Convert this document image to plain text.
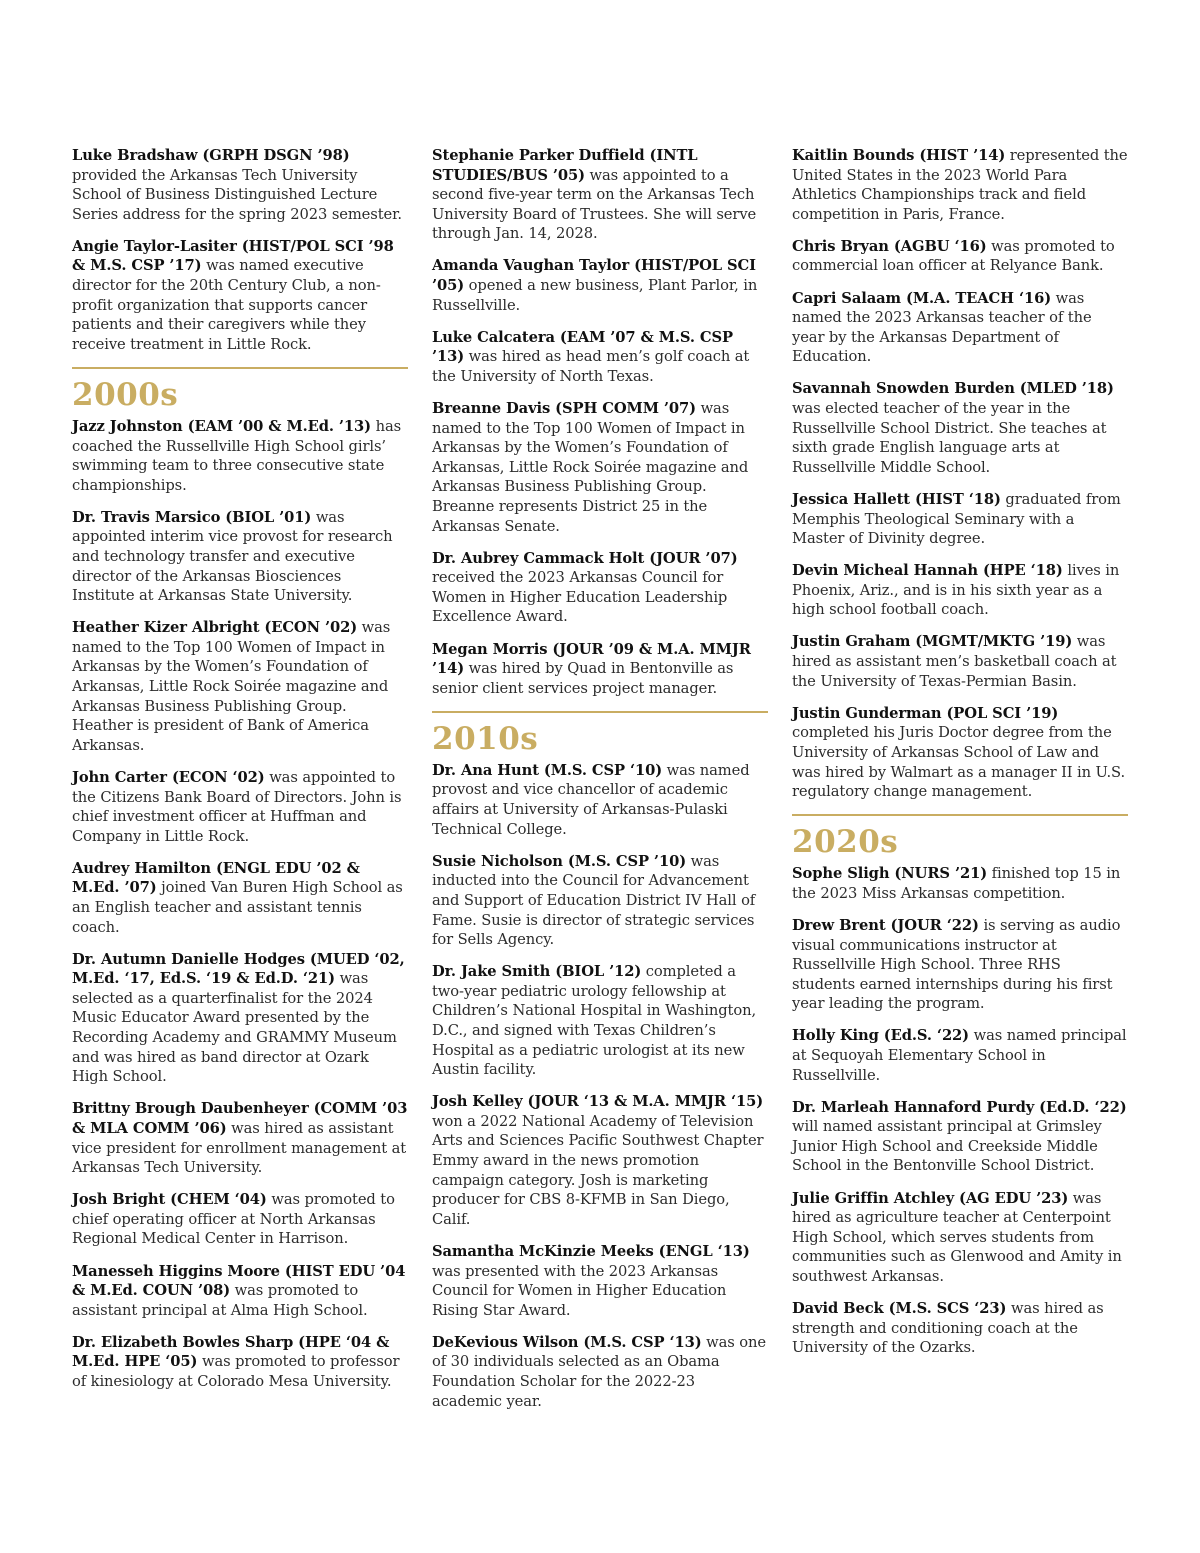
Luke Bradshaw (GRPH DSGN ’98) provided the Arkansas Tech University School of Business Distinguished Lecture Series address for the spring 2023 semester.

Angie Taylor-Lasiter (HIST/POL SCI ’98 & M.S. CSP ’17) was named executive director for the 20th Century Club, a non-profit organization that supports cancer patients and their caregivers while they receive treatment in Little Rock.

2000s

Jazz Johnston (EAM ’00 & M.Ed. ’13) has coached the Russellville High School girls’ swimming team to three consecutive state championships.

Dr. Travis Marsico (BIOL ’01) was appointed interim vice provost for research and technology transfer and executive director of the Arkansas Biosciences Institute at Arkansas State University.

Heather Kizer Albright (ECON ’02) was named to the Top 100 Women of Impact in Arkansas by the Women’s Foundation of Arkansas, Little Rock Soirée magazine and Arkansas Business Publishing Group. Heather is president of Bank of America Arkansas.

John Carter (ECON ‘02) was appointed to the Citizens Bank Board of Directors. John is chief investment officer at Huffman and Company in Little Rock.

Audrey Hamilton (ENGL EDU ’02 & M.Ed. ’07) joined Van Buren High School as an English teacher and assistant tennis coach.

Dr. Autumn Danielle Hodges (MUED ‘02, M.Ed. ‘17, Ed.S. ‘19 & Ed.D. ‘21) was selected as a quarterfinalist for the 2024 Music Educator Award presented by the Recording Academy and GRAMMY Museum and was hired as band director at Ozark High School.

Brittny Brough Daubenheyer (COMM ’03 & MLA COMM ’06) was hired as assistant vice president for enrollment management at Arkansas Tech University.

Josh Bright (CHEM ‘04) was promoted to chief operating officer at North Arkansas Regional Medical Center in Harrison.

Manesseh Higgins Moore (HIST EDU ’04 & M.Ed. COUN ’08) was promoted to assistant principal at Alma High School.

Dr. Elizabeth Bowles Sharp (HPE ‘04 & M.Ed. HPE ‘05) was promoted to professor of kinesiology at Colorado Mesa University.

Stephanie Parker Duffield (INTL STUDIES/BUS ’05) was appointed to a second five-year term on the Arkansas Tech University Board of Trustees. She will serve through Jan. 14, 2028.

Amanda Vaughan Taylor (HIST/POL SCI ’05) opened a new business, Plant Parlor, in Russellville.

Luke Calcatera (EAM ’07 & M.S. CSP ’13) was hired as head men’s golf coach at the University of North Texas.

Breanne Davis (SPH COMM ’07) was named to the Top 100 Women of Impact in Arkansas by the Women’s Foundation of Arkansas, Little Rock Soirée magazine and Arkansas Business Publishing Group. Breanne represents District 25 in the Arkansas Senate.

Dr. Aubrey Cammack Holt (JOUR ’07) received the 2023 Arkansas Council for Women in Higher Education Leadership Excellence Award.

Megan Morris (JOUR ’09 & M.A. MMJR ’14) was hired by Quad in Bentonville as senior client services project manager.

2010s

Dr. Ana Hunt (M.S. CSP ‘10) was named provost and vice chancellor of academic affairs at University of Arkansas-Pulaski Technical College.

Susie Nicholson (M.S. CSP ’10) was inducted into the Council for Advancement and Support of Education District IV Hall of Fame. Susie is director of strategic services for Sells Agency.

Dr. Jake Smith (BIOL ’12) completed a two-year pediatric urology fellowship at Children’s National Hospital in Washington, D.C., and signed with Texas Children’s Hospital as a pediatric urologist at its new Austin facility.

Josh Kelley (JOUR ‘13 & M.A. MMJR ‘15) won a 2022 National Academy of Television Arts and Sciences Pacific Southwest Chapter Emmy award in the news promotion campaign category. Josh is marketing producer for CBS 8-KFMB in San Diego, Calif.

Samantha McKinzie Meeks (ENGL ‘13) was presented with the 2023 Arkansas Council for Women in Higher Education Rising Star Award.

DeKevious Wilson (M.S. CSP ‘13) was one of 30 individuals selected as an Obama Foundation Scholar for the 2022-23 academic year.

Kaitlin Bounds (HIST ’14) represented the United States in the 2023 World Para Athletics Championships track and field competition in Paris, France.

Chris Bryan (AGBU ‘16) was promoted to commercial loan officer at Relyance Bank.

Capri Salaam (M.A. TEACH ‘16) was named the 2023 Arkansas teacher of the year by the Arkansas Department of Education.

Savannah Snowden Burden (MLED ’18) was elected teacher of the year in the Russellville School District. She teaches at sixth grade English language arts at Russellville Middle School.

Jessica Hallett (HIST ‘18) graduated from Memphis Theological Seminary with a Master of Divinity degree.

Devin Micheal Hannah (HPE ‘18) lives in Phoenix, Ariz., and is in his sixth year as a high school football coach.

Justin Graham (MGMT/MKTG ’19) was hired as assistant men’s basketball coach at the University of Texas-Permian Basin.

Justin Gunderman (POL SCI ’19) completed his Juris Doctor degree from the University of Arkansas School of Law and was hired by Walmart as a manager II in U.S. regulatory change management.

2020s

Sophe Sligh (NURS ’21) finished top 15 in the 2023 Miss Arkansas competition.

Drew Brent (JOUR ‘22) is serving as audio visual communications instructor at Russellville High School. Three RHS students earned internships during his first year leading the program.

Holly King (Ed.S. ‘22) was named principal at Sequoyah Elementary School in Russellville.

Dr. Marleah Hannaford Purdy (Ed.D. ‘22) will named assistant principal at Grimsley Junior High School and Creekside Middle School in the Bentonville School District.

Julie Griffin Atchley (AG EDU ’23) was hired as agriculture teacher at Centerpoint High School, which serves students from communities such as Glenwood and Amity in southwest Arkansas.

David Beck (M.S. SCS ‘23) was hired as strength and conditioning coach at the University of the Ozarks.
